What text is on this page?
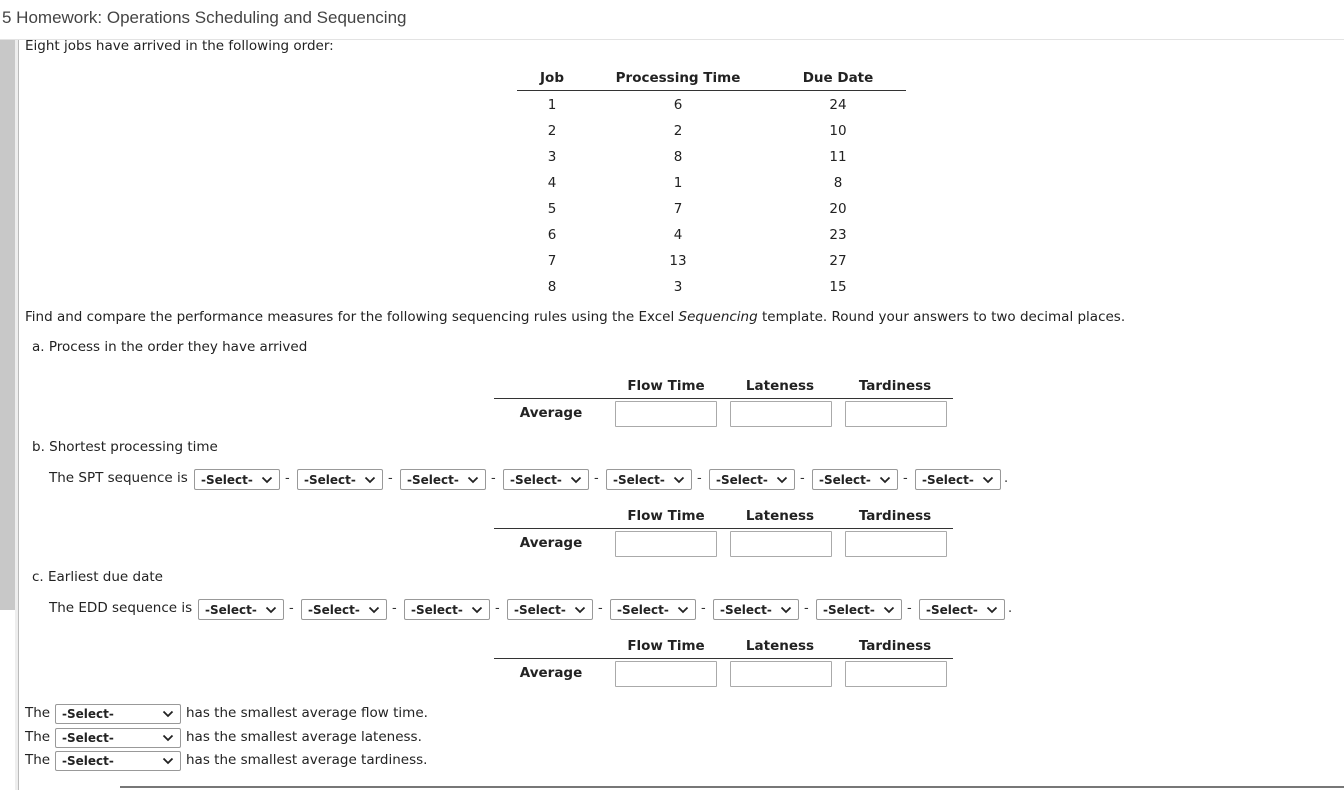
5 Homework: Operations Scheduling and Sequencing
Eight jobs have arrived in the following order:
Job	Processing Time	Due Date
1	6	24
2	2	10
3	8	11
4	1	8
5	7	20
6	4	23
7	13	27
8	3	15
Find and compare the performance measures for the following sequencing rules using the Excel Sequencing template. Round your answers to two decimal places.
a. Process in the order they have arrived
b. Shortest processing time
The SPT sequence is
c. Earliest due date
The EDD sequence is
Flow Time	Lateness	Tardiness
Average
Flow Time	Lateness	Tardiness
Average
Flow Time	Lateness	Tardiness
Average
-Select-	- -Select-	- -Select-	- -Select-	- -Select-	- -Select-	- -Select-	- -Select-	.
-Select-	- -Select-	- -Select-	- -Select-	- -Select-	- -Select-	- -Select-	- -Select-	.
The -Select-	has the smallest average flow time.
The -Select-	has the smallest average lateness.
The -Select-	has the smallest average tardiness.
